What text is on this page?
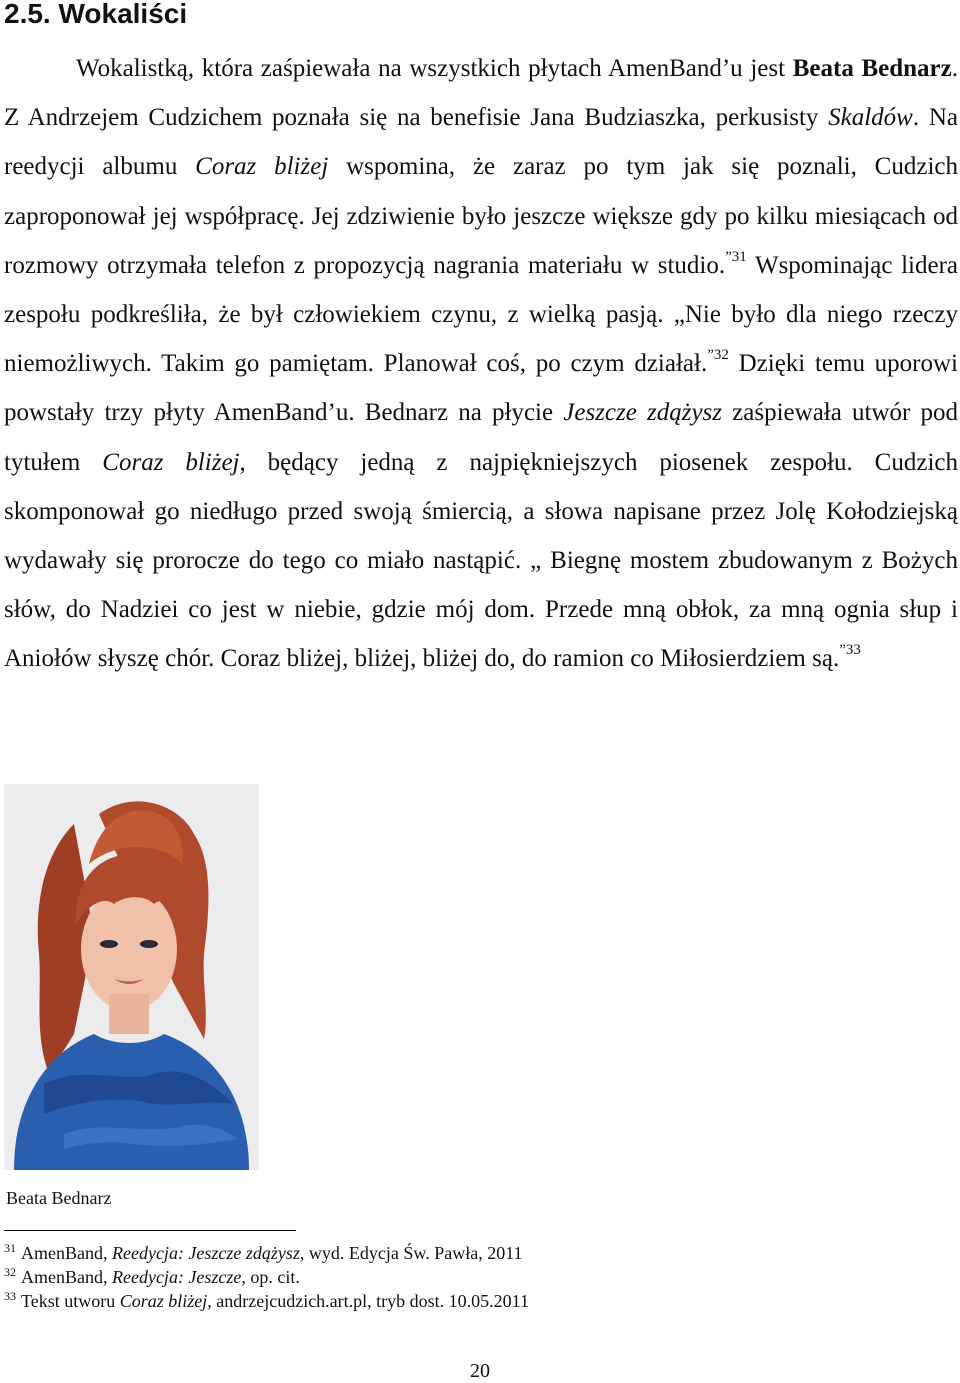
2.5. Wokaliści

Wokalistką, która zaśpiewała na wszystkich płytach AmenBand’u jest Beata Bednarz. Z Andrzejem Cudzichem poznała się na benefisie Jana Budziaszka, perkusisty Skaldów. Na reedycji albumu Coraz bliżej wspomina, że zaraz po tym jak się poznali, Cudzich zaproponował jej współpracę. Jej zdziwienie było jeszcze większe gdy po kilku miesiącach od rozmowy otrzymała telefon z propozycją nagrania materiału w studio.$^{”31}$ Wspominając lidera zespołu podkreśliła, że był człowiekiem czynu, z wielką pasją. „Nie było dla niego rzeczy niemożliwych. Takim go pamiętam. Planował coś, po czym działał.$^{”32}$ Dzięki temu uporowi powstały trzy płyty AmenBand’u. Bednarz na płycie Jeszcze zdążysz zaśpiewała utwór pod tytułem Coraz bliżej, będący jedną z najpiękniejszych piosenek zespołu. Cudzich skomponował go niedługo przed swoją śmiercią, a słowa napisane przez Jolę Kołodziejską wydawały się prorocze do tego co miało nastąpić. „ Biegnę mostem zbudowanym z Bożych słów, do Nadziei co jest w niebie, gdzie mój dom. Przede mną obłok, za mną ognia słup i Aniołów słyszę chór. Coraz bliżej, bliżej, bliżej do, do ramion co Miłosierdziem są.$^{”33}$

Beata Bednarz
$^{31}$ AmenBand, Reedycja: Jeszcze zdążysz, wyd. Edycja Św. Pawła, 2011
$^{32}$ AmenBand, Reedycja: Jeszcze, op. cit.
$^{33}$ Tekst utworu Coraz bliżej, andrzejcudzich.art.pl, tryb dost. 10.05.2011
20
